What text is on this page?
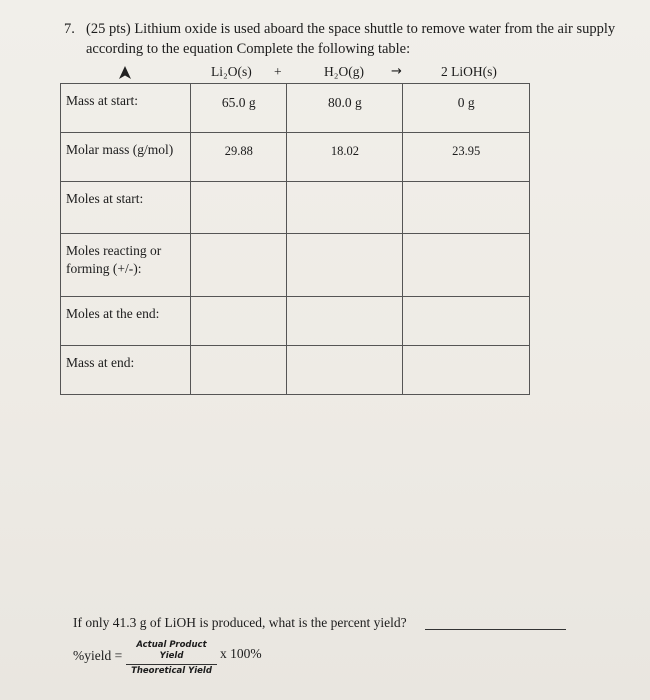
7. (25 pts) Lithium oxide is used aboard the space shuttle to remove water from the air supply according to the equation Complete the following table:
Li₂O(s) +	H₂O(g) →	2 LiOH(s)
Mass at start:	65.0 g	80.0 g	0 g
Molar mass (g/mol)	29.88	18.02	23.95
Moles at start:			
Moles reacting or forming (+/-):			
Moles at the end:			
Mass at end:			
If only 41.3 g of LiOH is produced, what is the percent yield?
%yield =
Actual Product Yield
Theoretical Yield
x 100%
